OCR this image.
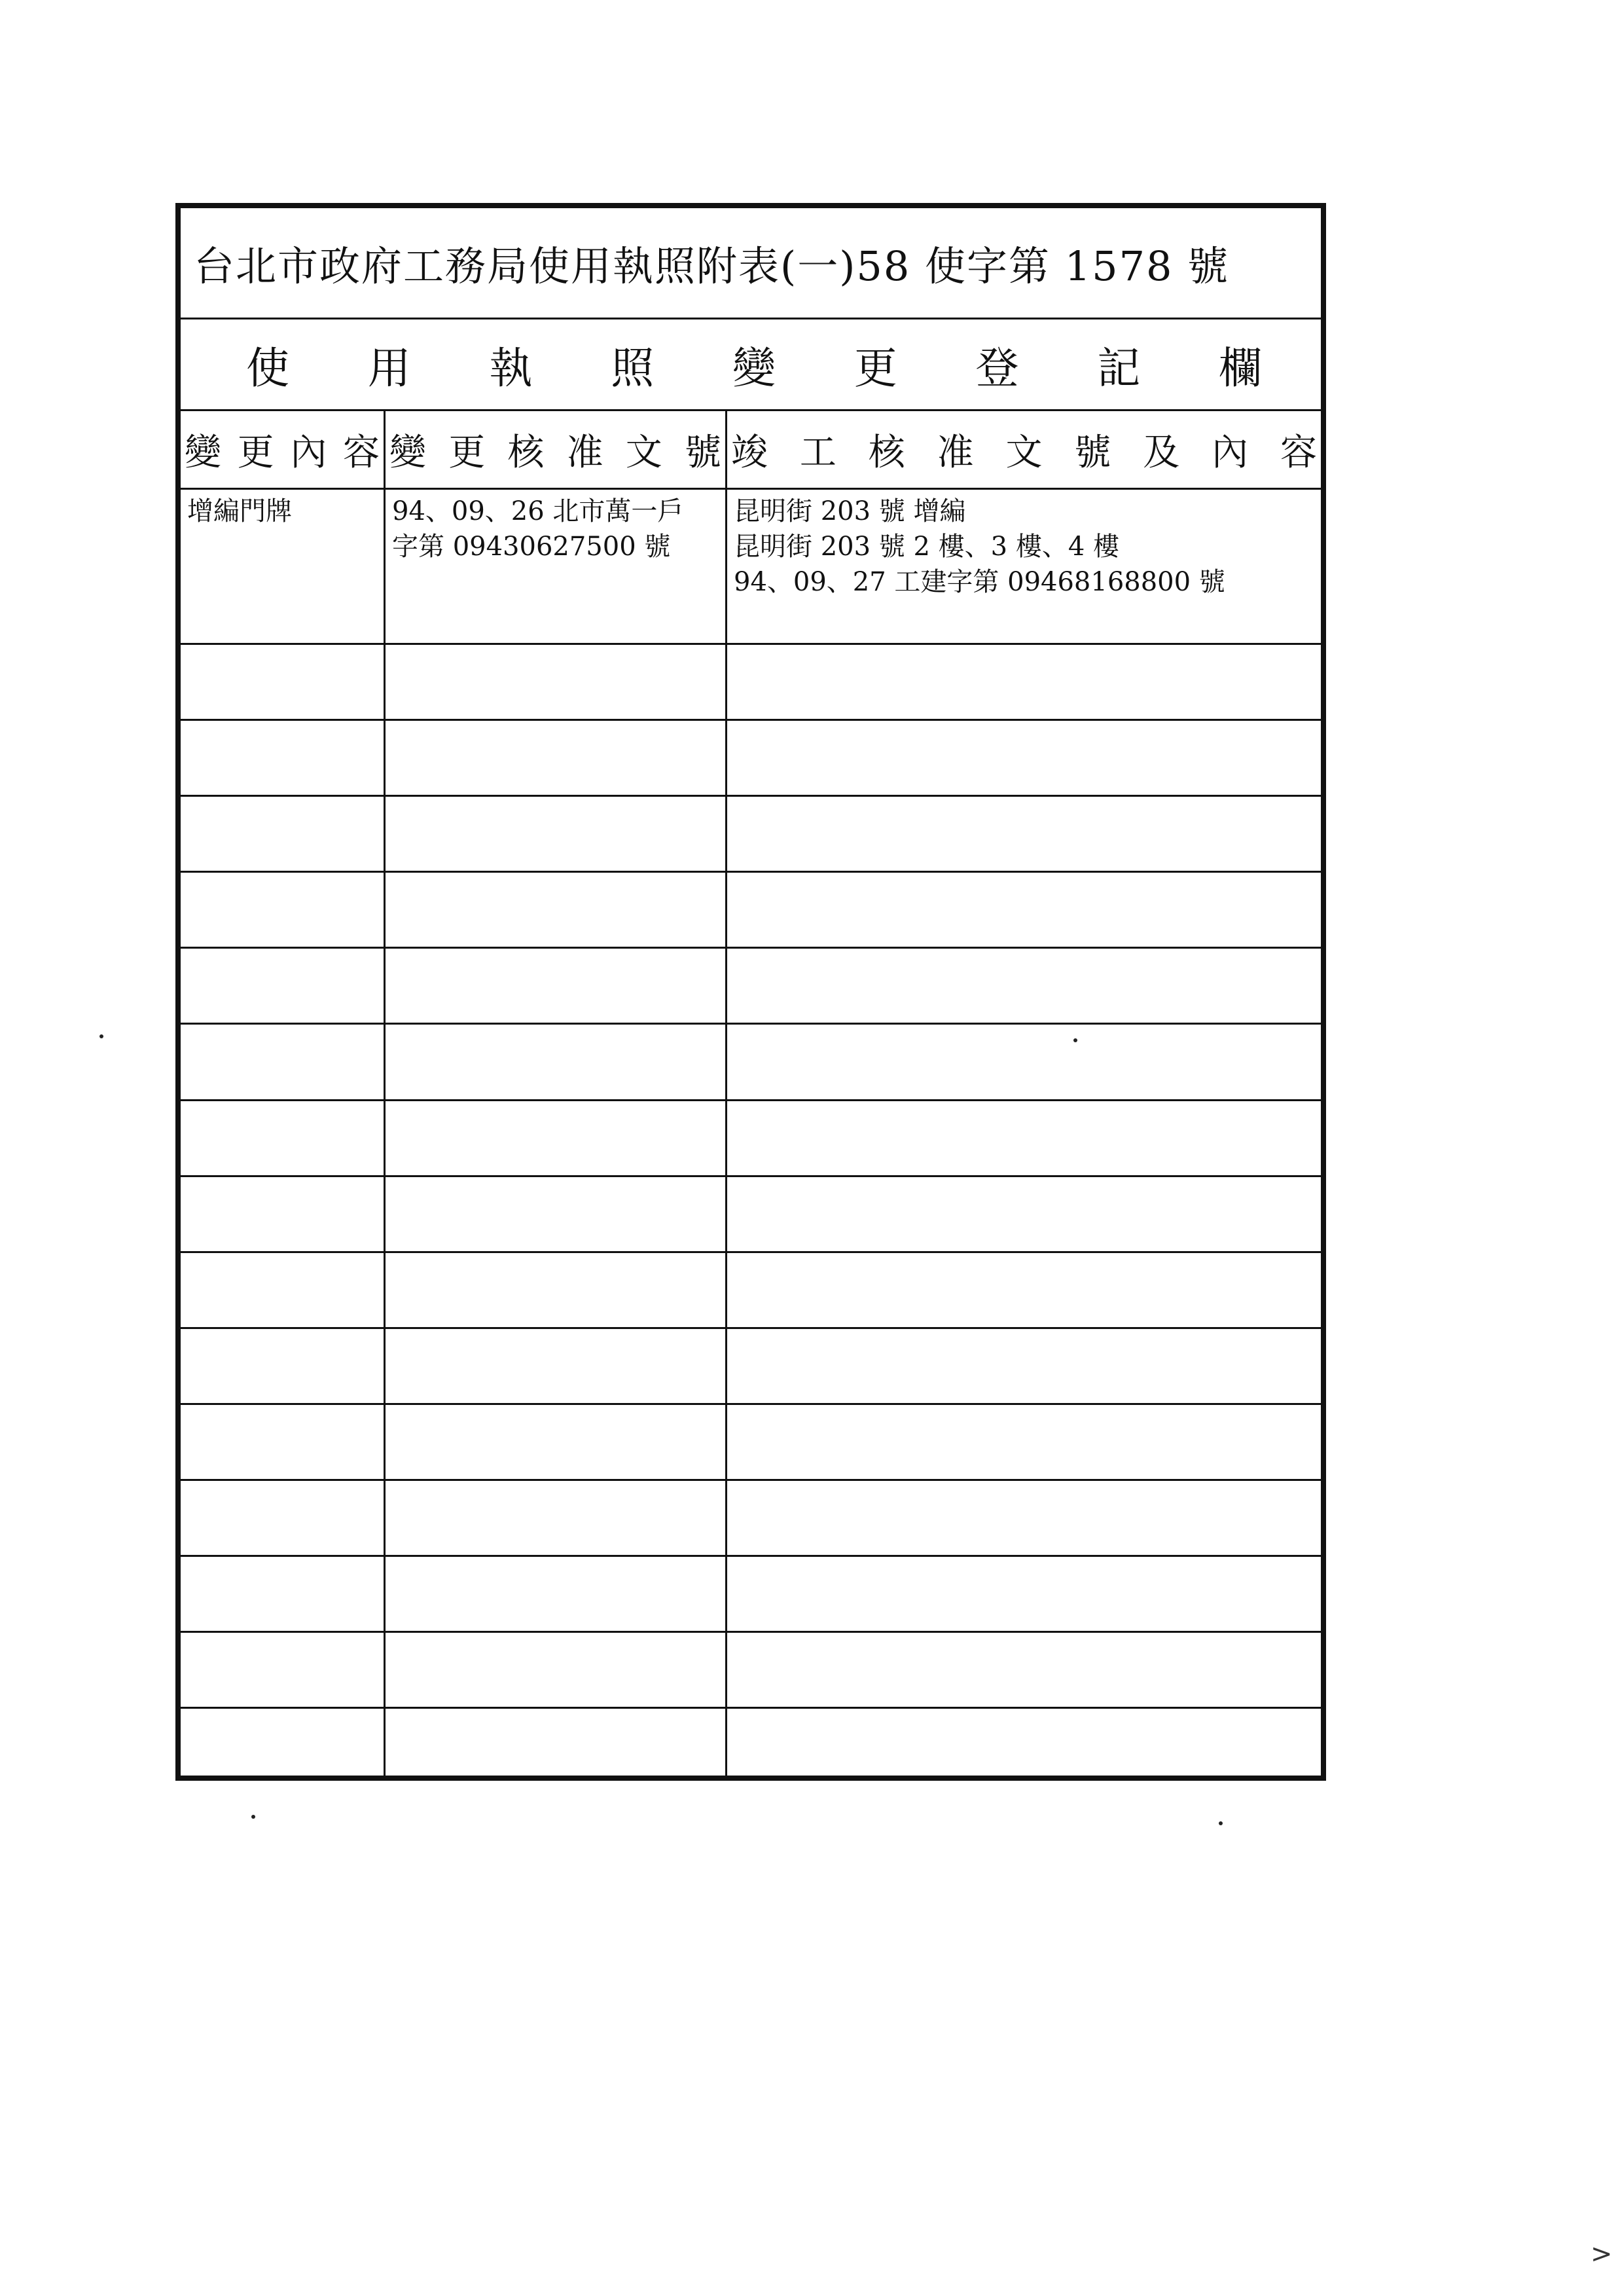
台北市政府工務局使用執照附表(一)58 使字第 1578 號
使 用 執 照 變 更 登 記 欄
變 更 內 容 變 更 核 准 文 號 竣 工 核 准 文 號 及 內 容
增編門牌	94、09、26 北市萬一戶
字第 09430627500 號
昆明街 203 號 增編
昆明街 203 號 2 樓、3 樓、4 樓
94、09、27 工建字第 09468168800 號
>
